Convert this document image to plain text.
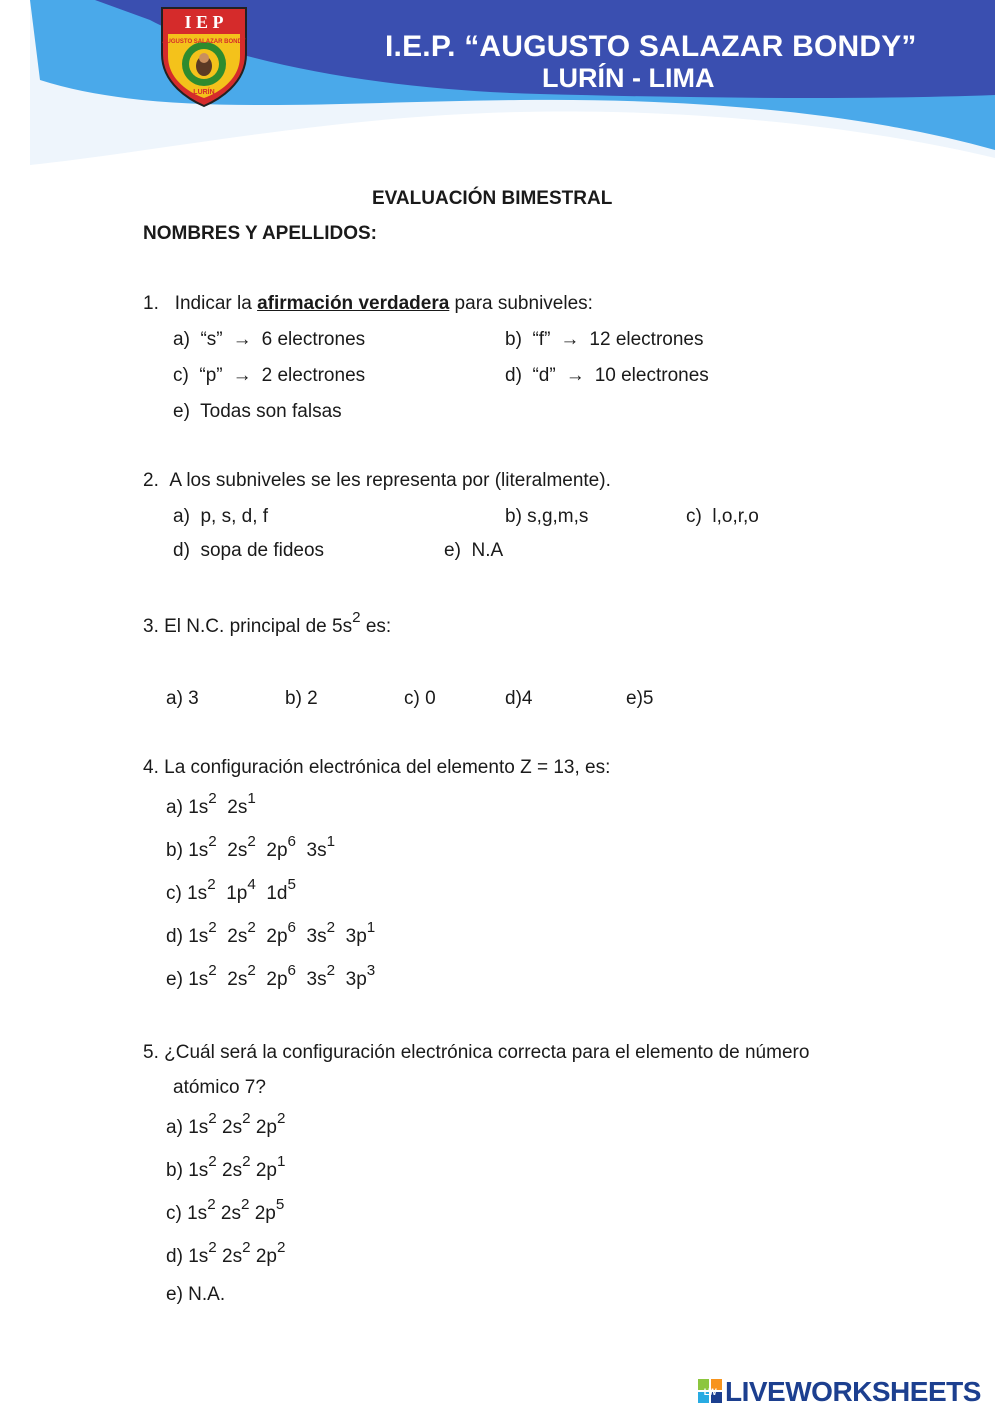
I E P
AUGUSTO SALAZAR BONDY
LURÍN
I.E.P. “AUGUSTO SALAZAR BONDY”
LURÍN - LIMA
EVALUACIÓN BIMESTRAL
NOMBRES Y APELLIDOS:
1. Indicar la afirmación verdadera para subniveles:
a) “s” → 6 electrones	b) “f” → 12 electrones
c) “p” → 2 electrones	d) “d” → 10 electrones
e) Todas son falsas
2. A los subniveles se les representa por (literalmente).
a) p, s, d, f	b) s,g,m,s	c) l,o,r,o
d) sopa de fideos	e) N.A
3. El N.C. principal de $5s^2$ es:
a) 3	b) 2	c) 0	d)4	e)5
4. La configuración electrónica del elemento Z = 13, es:
a) $1s^2$ $2s^1$
b) $1s^2$ $2s^2$ $2p^6$ $3s^1$
c) $1s^2$ $1p^4$ $1d^5$
d) $1s^2$ $2s^2$ $2p^6$ $3s^2$ $3p^1$
e) $1s^2$ $2s^2$ $2p^6$ $3s^2$ $3p^3$
5. ¿Cuál será la configuración electrónica correcta para el elemento de número
atómico 7?
a) $1s^2$ $2s^2$ $2p^2$
b) $1s^2$ $2s^2$ $2p^1$
c) $1s^2$ $2s^2$ $2p^5$
d) $1s^2$ $2s^2$ $2p^2$
e) N.A.
LW LIVEWORKSHEETS
